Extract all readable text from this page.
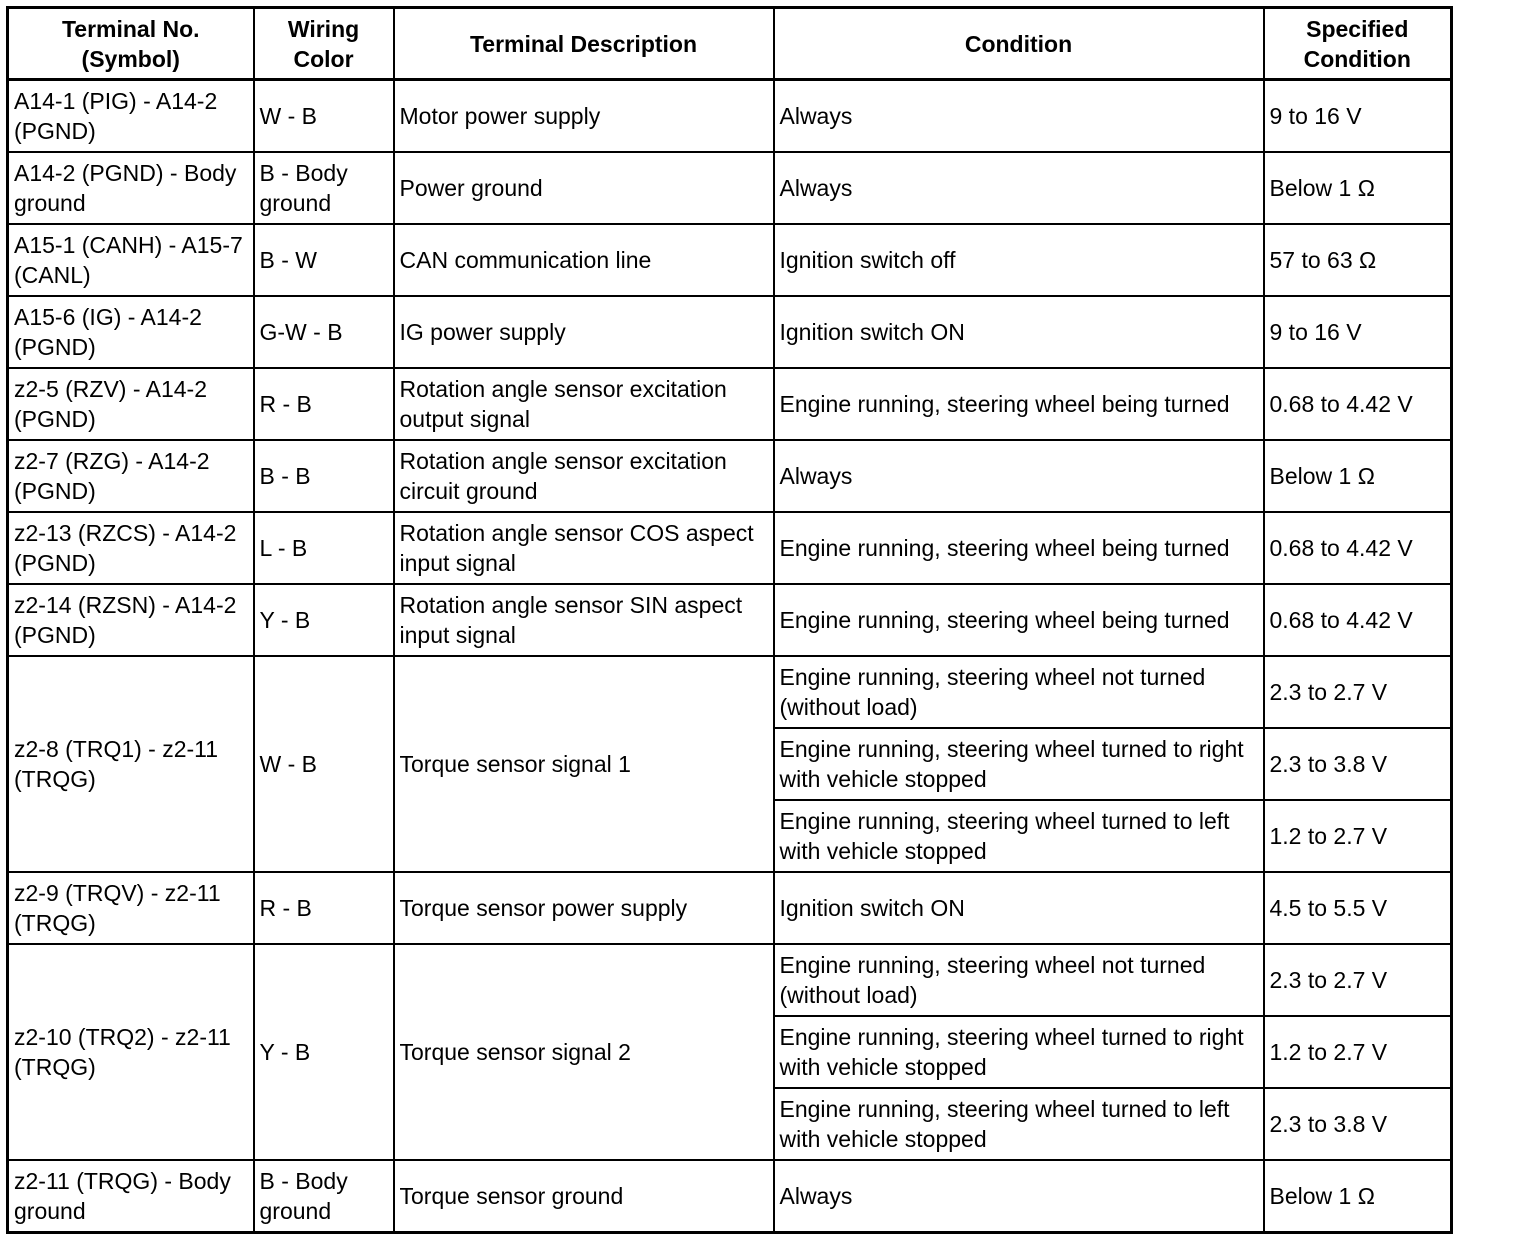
Terminal No. (Symbol)	Wiring Color	Terminal Description	Condition	Specified Condition
A14-1 (PIG) - A14-2 (PGND)	W - B	Motor power supply	Always	9 to 16 V
A14-2 (PGND) - Body ground	B - Body ground	Power ground	Always	Below 1 Ω
A15-1 (CANH) - A15-7 (CANL)	B - W	CAN communication line	Ignition switch off	57 to 63 Ω
A15-6 (IG) - A14-2 (PGND)	G-W - B	IG power supply	Ignition switch ON	9 to 16 V
z2-5 (RZV) - A14-2 (PGND)	R - B	Rotation angle sensor excitation output signal	Engine running, steering wheel being turned	0.68 to 4.42 V
z2-7 (RZG) - A14-2 (PGND)	B - B	Rotation angle sensor excitation circuit ground	Always	Below 1 Ω
z2-13 (RZCS) - A14-2 (PGND)	L - B	Rotation angle sensor COS aspect input signal	Engine running, steering wheel being turned	0.68 to 4.42 V
z2-14 (RZSN) - A14-2 (PGND)	Y - B	Rotation angle sensor SIN aspect input signal	Engine running, steering wheel being turned	0.68 to 4.42 V
z2-8 (TRQ1) - z2-11 (TRQG)	W - B	Torque sensor signal 1	Engine running, steering wheel not turned (without load)	2.3 to 2.7 V
			Engine running, steering wheel turned to right with vehicle stopped	2.3 to 3.8 V
			Engine running, steering wheel turned to left with vehicle stopped	1.2 to 2.7 V
z2-9 (TRQV) - z2-11 (TRQG)	R - B	Torque sensor power supply	Ignition switch ON	4.5 to 5.5 V
z2-10 (TRQ2) - z2-11 (TRQG)	Y - B	Torque sensor signal 2	Engine running, steering wheel not turned (without load)	2.3 to 2.7 V
			Engine running, steering wheel turned to right with vehicle stopped	1.2 to 2.7 V
			Engine running, steering wheel turned to left with vehicle stopped	2.3 to 3.8 V
z2-11 (TRQG) - Body ground	B - Body ground	Torque sensor ground	Always	Below 1 Ω
